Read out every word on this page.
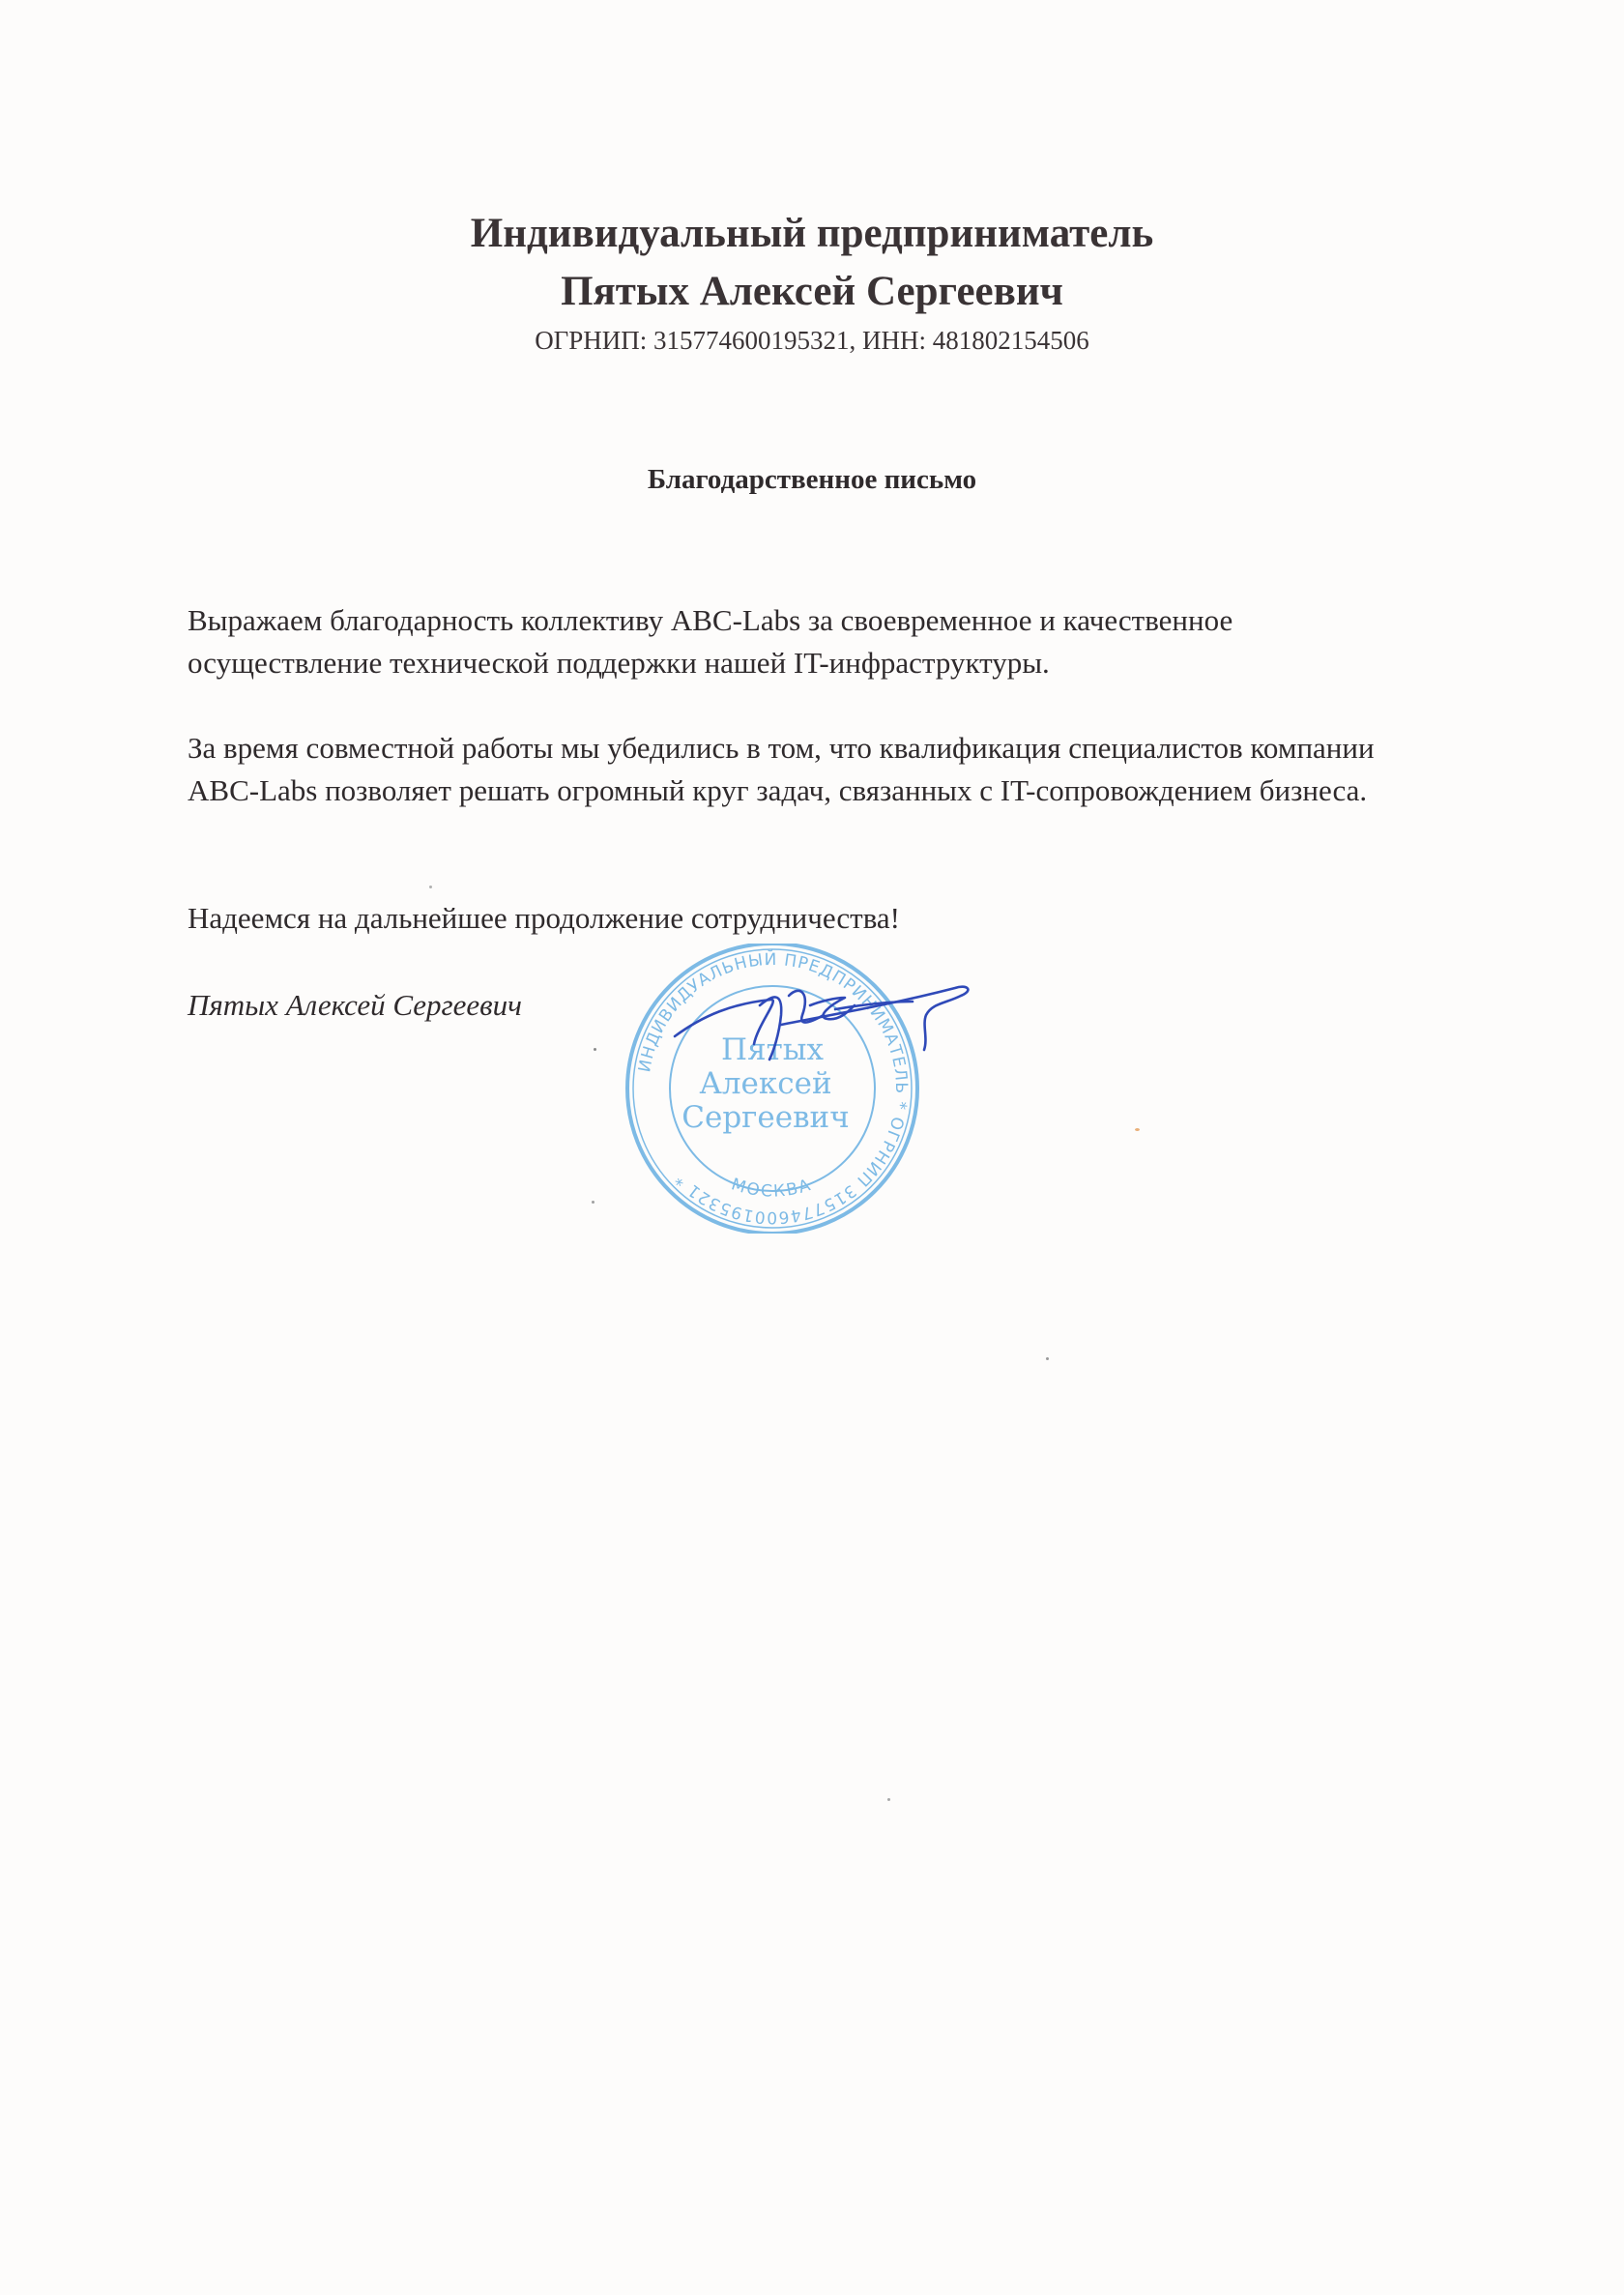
Индивидуальный предприниматель
Пятых Алексей Сергеевич
ОГРНИП: 315774600195321, ИНН: 481802154506
Благодарственное письмо
Выражаем благодарность коллективу ABC-Labs за своевременное и качественное осуществление технической поддержки нашей IT-инфраструктуры.
За время совместной работы мы убедились в том, что квалификация специалистов компании ABC-Labs позволяет решать огромный круг задач, связанных с IT-сопровождением бизнеса.
Надеемся на дальнейшее продолжение сотрудничества!
Пятых Алексей Сергеевич
ИНДИВИДУАЛЬНЫЙ ПРЕДПРИНИМАТЕЛЬ * ОГРНИП 315774600195321 *	МОСКВА
Пятых
Алексей
Сергеевич
